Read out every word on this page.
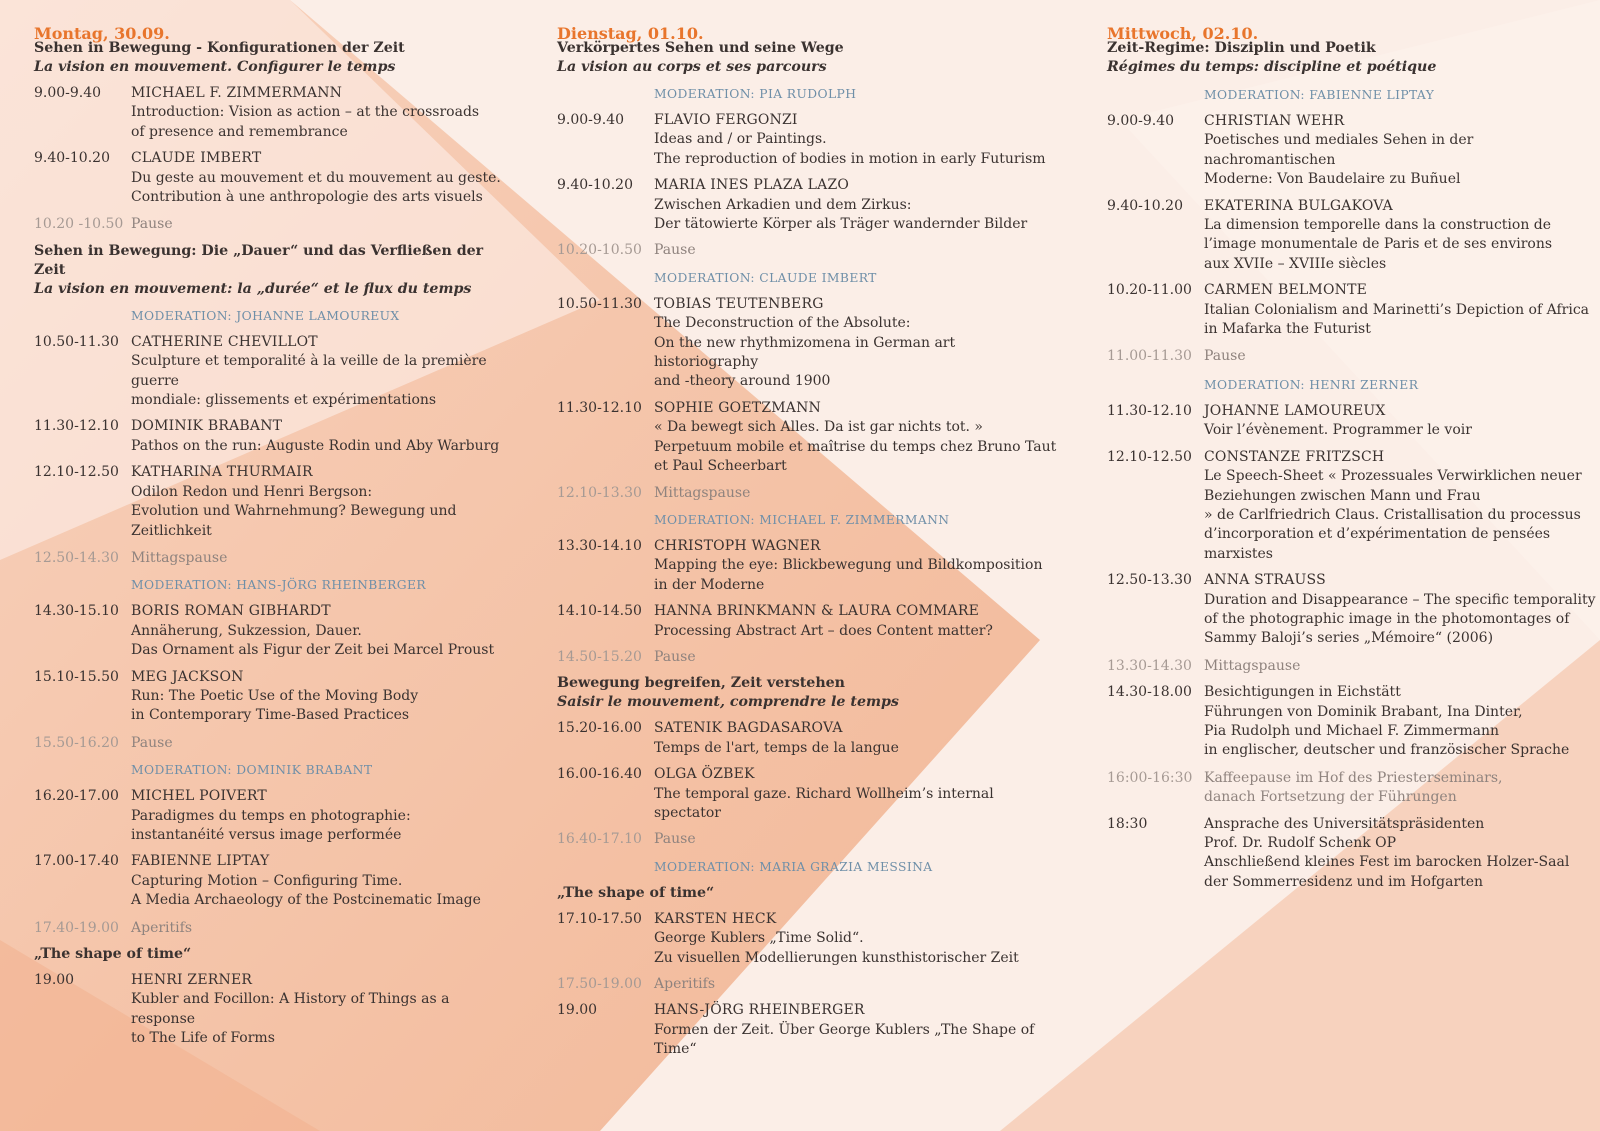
Montag, 30.09.
Sehen in Bewegung - Konfigurationen der Zeit
La vision en mouvement. Configurer le temps
9.00-9.40	MICHAEL F. ZIMMERMANN
Introduction: Vision as action – at the crossroads
of presence and remembrance
9.40-10.20	CLAUDE IMBERT
Du geste au mouvement et du mouvement au geste.
Contribution à une anthropologie des arts visuels
10.20 -10.50 Pause
Sehen in Bewegung: Die „Dauer“ und das Verfließen der Zeit
La vision en mouvement: la „durée“ et le flux du temps
MODERATION: JOHANNE LAMOUREUX
10.50-11.30 CATHERINE CHEVILLOT
Sculpture et temporalité à la veille de la première guerre
mondiale: glissements et expérimentations
11.30-12.10 DOMINIK BRABANT
Pathos on the run: Auguste Rodin und Aby Warburg
12.10-12.50 KATHARINA THURMAIR
Odilon Redon und Henri Bergson:
Evolution und Wahrnehmung? Bewegung und Zeitlichkeit
12.50-14.30 Mittagspause
MODERATION: HANS-JÖRG RHEINBERGER
14.30-15.10 BORIS ROMAN GIBHARDT
Annäherung, Sukzession, Dauer.
Das Ornament als Figur der Zeit bei Marcel Proust
15.10-15.50 MEG JACKSON
Run: The Poetic Use of the Moving Body
in Contemporary Time-Based Practices
15.50-16.20 Pause
MODERATION: DOMINIK BRABANT
16.20-17.00 MICHEL POIVERT
Paradigmes du temps en photographie:
instantanéité versus image performée
17.00-17.40 FABIENNE LIPTAY
Capturing Motion – Configuring Time.
A Media Archaeology of the Postcinematic Image
17.40-19.00 Aperitifs
„The shape of time“
19.00	HENRI ZERNER
Kubler and Focillon: A History of Things as a response
to The Life of Forms
Dienstag, 01.10.
Verkörpertes Sehen und seine Wege
La vision au corps et ses parcours
MODERATION: PIA RUDOLPH
9.00-9.40	FLAVIO FERGONZI
Ideas and / or Paintings.
The reproduction of bodies in motion in early Futurism
9.40-10.20	MARIA INES PLAZA LAZO
Zwischen Arkadien und dem Zirkus:
Der tätowierte Körper als Träger wandernder Bilder
10.20-10.50 Pause
MODERATION: CLAUDE IMBERT
10.50-11.30 TOBIAS TEUTENBERG
The Deconstruction of the Absolute:
On the new rhythmizomena in German art historiography
and -theory around 1900
11.30-12.10 SOPHIE GOETZMANN
« Da bewegt sich Alles. Da ist gar nichts tot. »
Perpetuum mobile et maîtrise du temps chez Bruno Taut
et Paul Scheerbart
12.10-13.30 Mittagspause
MODERATION: MICHAEL F. ZIMMERMANN
13.30-14.10 CHRISTOPH WAGNER
Mapping the eye: Blickbewegung und Bildkomposition
in der Moderne
14.10-14.50 HANNA BRINKMANN & LAURA COMMARE
Processing Abstract Art – does Content matter?
14.50-15.20 Pause
Bewegung begreifen, Zeit verstehen
Saisir le mouvement, comprendre le temps
15.20-16.00 SATENIK BAGDASAROVA
Temps de l'art, temps de la langue
16.00-16.40 OLGA ÖZBEK
The temporal gaze. Richard Wollheim’s internal spectator
16.40-17.10 Pause
MODERATION: MARIA GRAZIA MESSINA
„The shape of time“
17.10-17.50 KARSTEN HECK
George Kublers „Time Solid“.
Zu visuellen Modellierungen kunsthistorischer Zeit
17.50-19.00 Aperitifs
19.00	HANS-JÖRG RHEINBERGER
Formen der Zeit. Über George Kublers „The Shape of Time“
Mittwoch, 02.10.
Zeit-Regime: Disziplin und Poetik
Régimes du temps: discipline et poétique
MODERATION: FABIENNE LIPTAY
9.00-9.40	CHRISTIAN WEHR
Poetisches und mediales Sehen in der nachromantischen
Moderne: Von Baudelaire zu Buñuel
9.40-10.20	EKATERINA BULGAKOVA
La dimension temporelle dans la construction de
l’image monumentale de Paris et de ses environs
aux XVIIe – XVIIIe siècles
10.20-11.00 CARMEN BELMONTE
Italian Colonialism and Marinetti’s Depiction of Africa
in Mafarka the Futurist
11.00-11.30 Pause
MODERATION: HENRI ZERNER
11.30-12.10 JOHANNE LAMOUREUX
Voir l’évènement. Programmer le voir
12.10-12.50 CONSTANZE FRITZSCH
Le Speech-Sheet « Prozessuales Verwirklichen neuer
Beziehungen zwischen Mann und Frau
» de Carlfriedrich Claus. Cristallisation du processus
d’incorporation et d’expérimentation de pensées marxistes
12.50-13.30 ANNA STRAUSS
Duration and Disappearance – The specific temporality
of the photographic image in the photomontages of
Sammy Baloji’s series „Mémoire“ (2006)
13.30-14.30 Mittagspause
14.30-18.00 Besichtigungen in Eichstätt
Führungen von Dominik Brabant, Ina Dinter,
Pia Rudolph und Michael F. Zimmermann
in englischer, deutscher und französischer Sprache
16:00-16:30 Kaffeepause im Hof des Priesterseminars,
danach Fortsetzung der Führungen
18:30	Ansprache des Universitätspräsidenten
Prof. Dr. Rudolf Schenk OP
Anschließend kleines Fest im barocken Holzer-Saal
der Sommerresidenz und im Hofgarten
